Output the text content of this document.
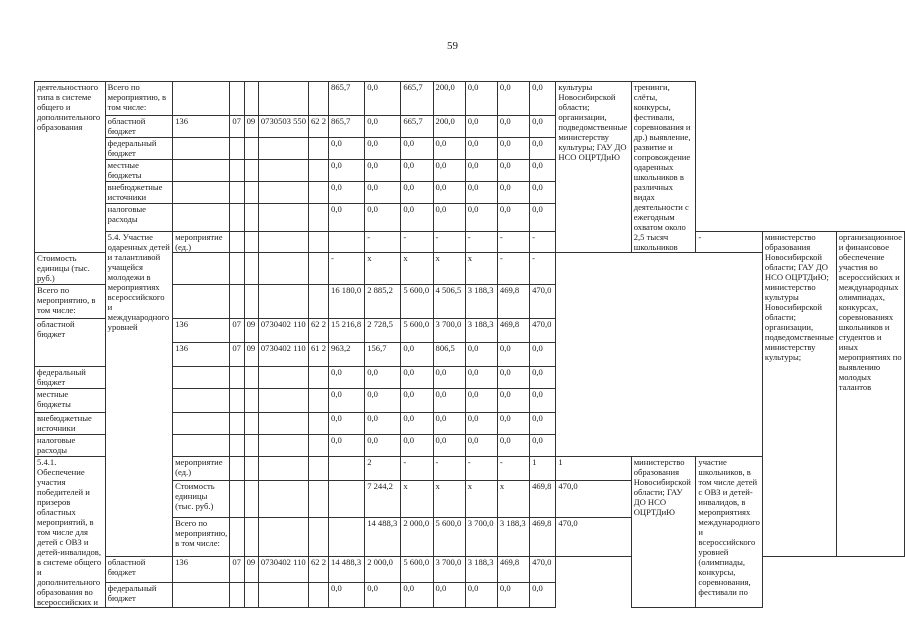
59
деятельностного типа в системе общего и дополнительного образования	Всего по мероприятию, в том числе:						865,7	0,0	665,7	200,0	0,0	0,0	0,0	культуры Новосибирской области; организации, подведомственные министерству культуры; ГАУ ДО НСО ОЦРТДиЮ	тренинги, слёты, конкурсы, фестивали, соревнования и др.) выявление, развитие и сопровождение одаренных школьников в различных видах деятельности с ежегодным охватом около 2,5 тысяч школьников			
	областной бюджет	136	07	09	0730503 550	62 2	865,7	0,0	665,7	200,0	0,0	0,0	0,0					
	федеральный бюджет						0,0	0,0	0,0	0,0	0,0	0,0	0,0					
	местные бюджеты						0,0	0,0	0,0	0,0	0,0	0,0	0,0					
	внебюджетные источники						0,0	0,0	0,0	0,0	0,0	0,0	0,0					
	налоговые расходы						0,0	0,0	0,0	0,0	0,0	0,0	0,0					
	5.4. Участие одаренных детей и талантливой учащейся молодежи в мероприятиях всероссийского и международного уровней	мероприятие (ед.)						-	-	-	-	-	-			-	министерство образования Новосибирской области; ГАУ ДО НСО ОЦРТДиЮ; министерство культуры Новосибирской области; организации, подведомственные министерству культуры;	организационное и финансовое обеспечение участия во всероссийских и международных олимпиадах, конкурсах, соревнованиях школьников и студентов и иных мероприятиях по выявлению молодых талантов
Стоимость единицы (тыс. руб.)							-	х	х	х	х	-	-					
Всего по мероприятию, в том числе:							16 180,0	2 885,2	5 600,0	4 506,5	3 188,3	469,8	470,0					
областной бюджет		136	07	09	0730402 110	62 2	15 216,8	2 728,5	5 600,0	3 700,0	3 188,3	469,8	470,0					
		136	07	09	0730402 110	61 2	963,2	156,7	0,0	806,5	0,0	0,0	0,0					
федеральный бюджет							0,0	0,0	0,0	0,0	0,0	0,0	0,0					
местные бюджеты							0,0	0,0	0,0	0,0	0,0	0,0	0,0					
внебюджетные источники							0,0	0,0	0,0	0,0	0,0	0,0	0,0					
налоговые расходы							0,0	0,0	0,0	0,0	0,0	0,0	0,0					
5.4.1. Обеспечение участия победителей и призеров областных мероприятий, в том числе для детей с ОВЗ и детей-инвалидов, в системе общего и дополнительного образования во всероссийских и		мероприятие (ед.)						2	-	-	-	-	1	1	министерство образования Новосибирской области; ГАУ ДО НСО ОЦРТДиЮ	участие школьников, в том числе детей с ОВЗ и детей-инвалидов, в мероприятиях международного и всероссийского уровней (олимпиады, конкурсы, соревнования, фестивали по		
		Стоимость единицы (тыс. руб.)						7 244,2	х	х	х	х	469,8	470,0				
		Всего по мероприятию, в том числе:						14 488,3	2 000,0	5 600,0	3 700,0	3 188,3	469,8	470,0				
	областной бюджет	136	07	09	0730402 110	62 2	14 488,3	2 000,0	5 600,0	3 700,0	3 188,3	469,8	470,0					
	федеральный бюджет						0,0	0,0	0,0	0,0	0,0	0,0	0,0					
